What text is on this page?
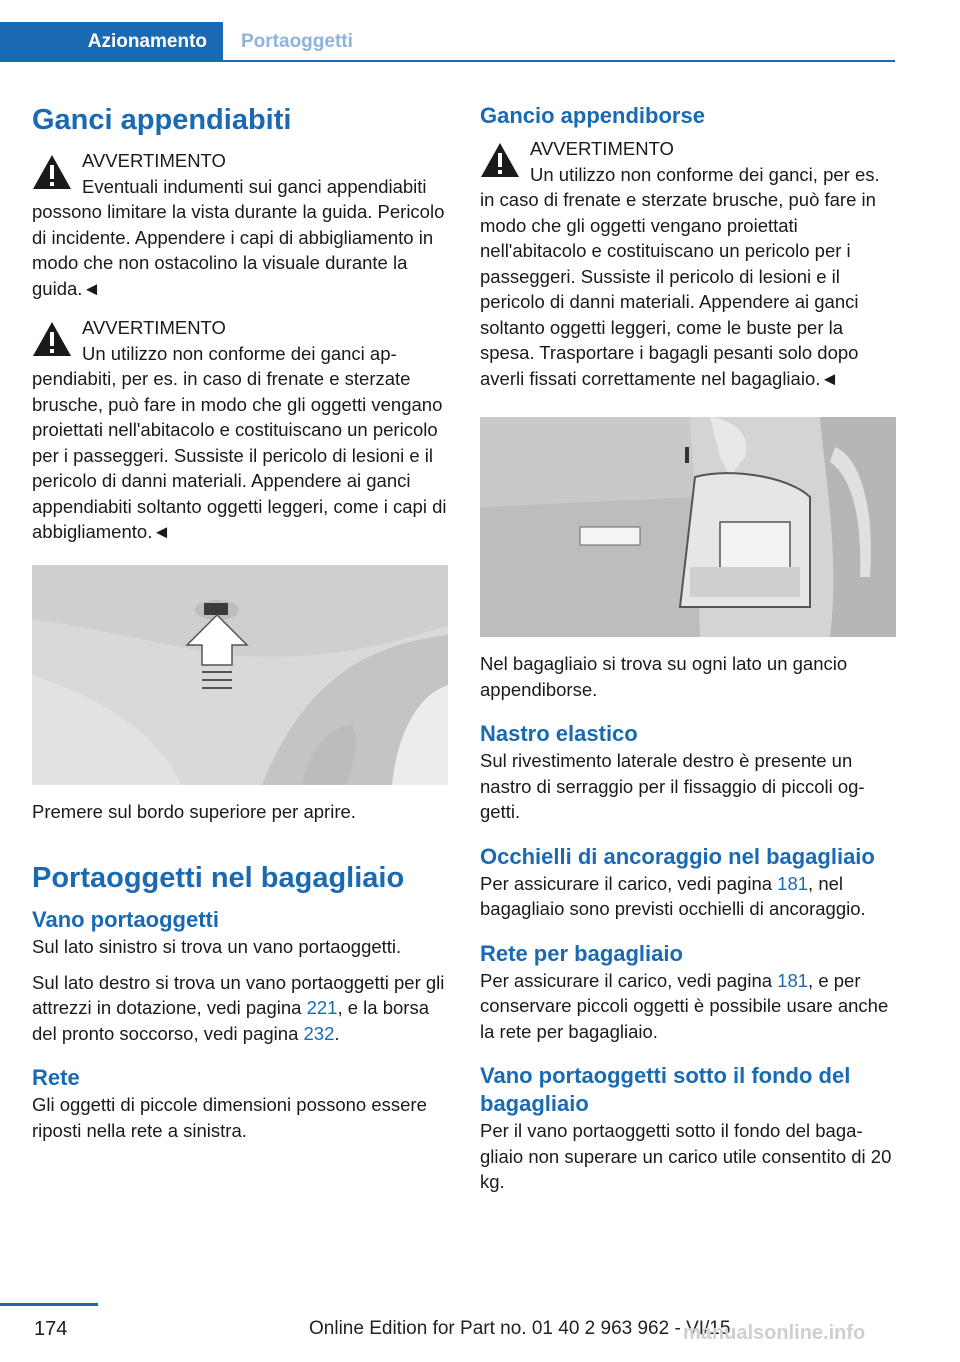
Azionamento	Portaoggetti
Ganci appendiabiti
AVVERTIMENTO

Eventuali indumenti sui ganci appendiabiti possono limitare la vista durante la guida. Pericolo di incidente. Appendere i capi di abbigliamento in modo che non ostacolino la visuale durante la guida.◄

AVVERTIMENTO

Un utilizzo non conforme dei ganci appendiabiti, per es. in caso di frenate e sterzate brusche, può fare in modo che gli oggetti vengano proiettati nell'abitacolo e costituiscano un pericolo per i passeggeri. Sussiste il pericolo di lesioni e il pericolo di danni materiali. Appendere ai ganci appendiabiti soltanto oggetti leggeri, come i capi di abbigliamento.◄

Premere sul bordo superiore per aprire.

Portaoggetti nel bagagliaio
Vano portaoggetti

Sul lato sinistro si trova un vano portaoggetti.

Sul lato destro si trova un vano portaoggetti per gli attrezzi in dotazione, vedi pagina 221, e la borsa del pronto soccorso, vedi pagina 232.

Rete

Gli oggetti di piccole dimensioni possono essere riposti nella rete a sinistra.

Gancio appendiborse
AVVERTIMENTO

Un utilizzo non conforme dei ganci, per es. in caso di frenate e sterzate brusche, può fare in modo che gli oggetti vengano proiettati nell'abitacolo e costituiscano un pericolo per i passeggeri. Sussiste il pericolo di lesioni e il pericolo di danni materiali. Appendere ai ganci soltanto oggetti leggeri, come le buste per la spesa. Trasportare i bagagli pesanti solo dopo averli fissati correttamente nel bagagliaio.◄

Nel bagagliaio si trova su ogni lato un gancio appendiborse.

Nastro elastico

Sul rivestimento laterale destro è presente un nastro di serraggio per il fissaggio di piccoli oggetti.

Occhielli di ancoraggio nel bagagliaio

Per assicurare il carico, vedi pagina 181, nel bagagliaio sono previsti occhielli di ancoraggio.

Rete per bagagliaio

Per assicurare il carico, vedi pagina 181, e per conservare piccoli oggetti è possibile usare anche la rete per bagagliaio.

Vano portaoggetti sotto il fondo del bagagliaio

Per il vano portaoggetti sotto il fondo del bagagliaio non superare un carico utile consentito di 20 kg.

174	Online Edition for Part no. 01 40 2 963 962 - VI/15
manualsonline.info
